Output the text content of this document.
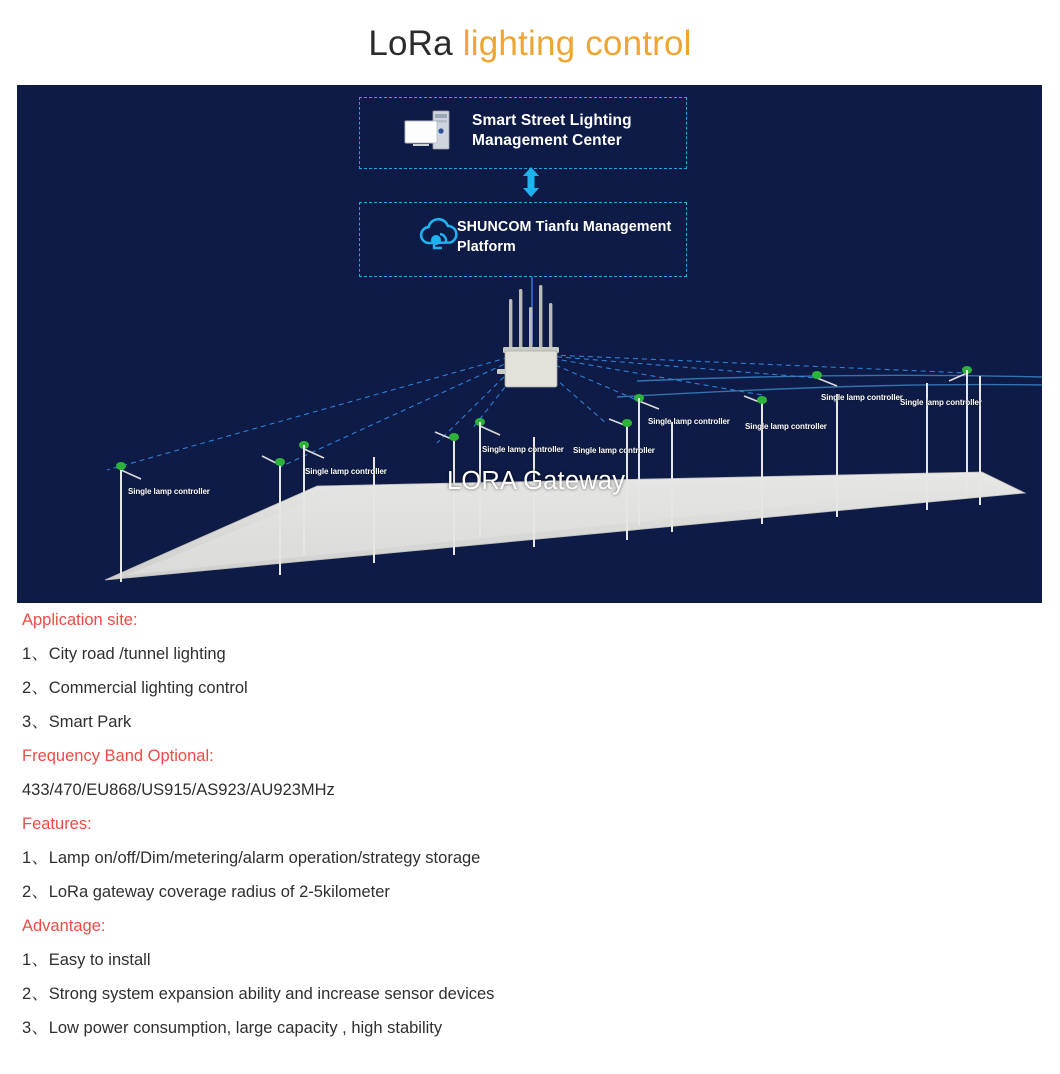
LoRa lighting control
Smart Street Lighting Management Center
SHUNCOM Tianfu Management Platform
LORA Gateway
Single lamp controller
Single lamp controller
Single lamp controller Single lamp controller
Single lamp controller
Single lamp controller
Single lamp controller
Single lamp controller
Application site:
1、City road /tunnel lighting
2、Commercial lighting control
3、Smart Park
Frequency Band Optional:
433/470/EU868/US915/AS923/AU923MHz
Features:
1、Lamp on/off/Dim/metering/alarm operation/strategy storage
2、LoRa gateway coverage radius of 2-5kilometer
Advantage:
1、Easy to install
2、Strong system expansion ability and increase sensor devices
3、Low power consumption, large capacity , high stability
